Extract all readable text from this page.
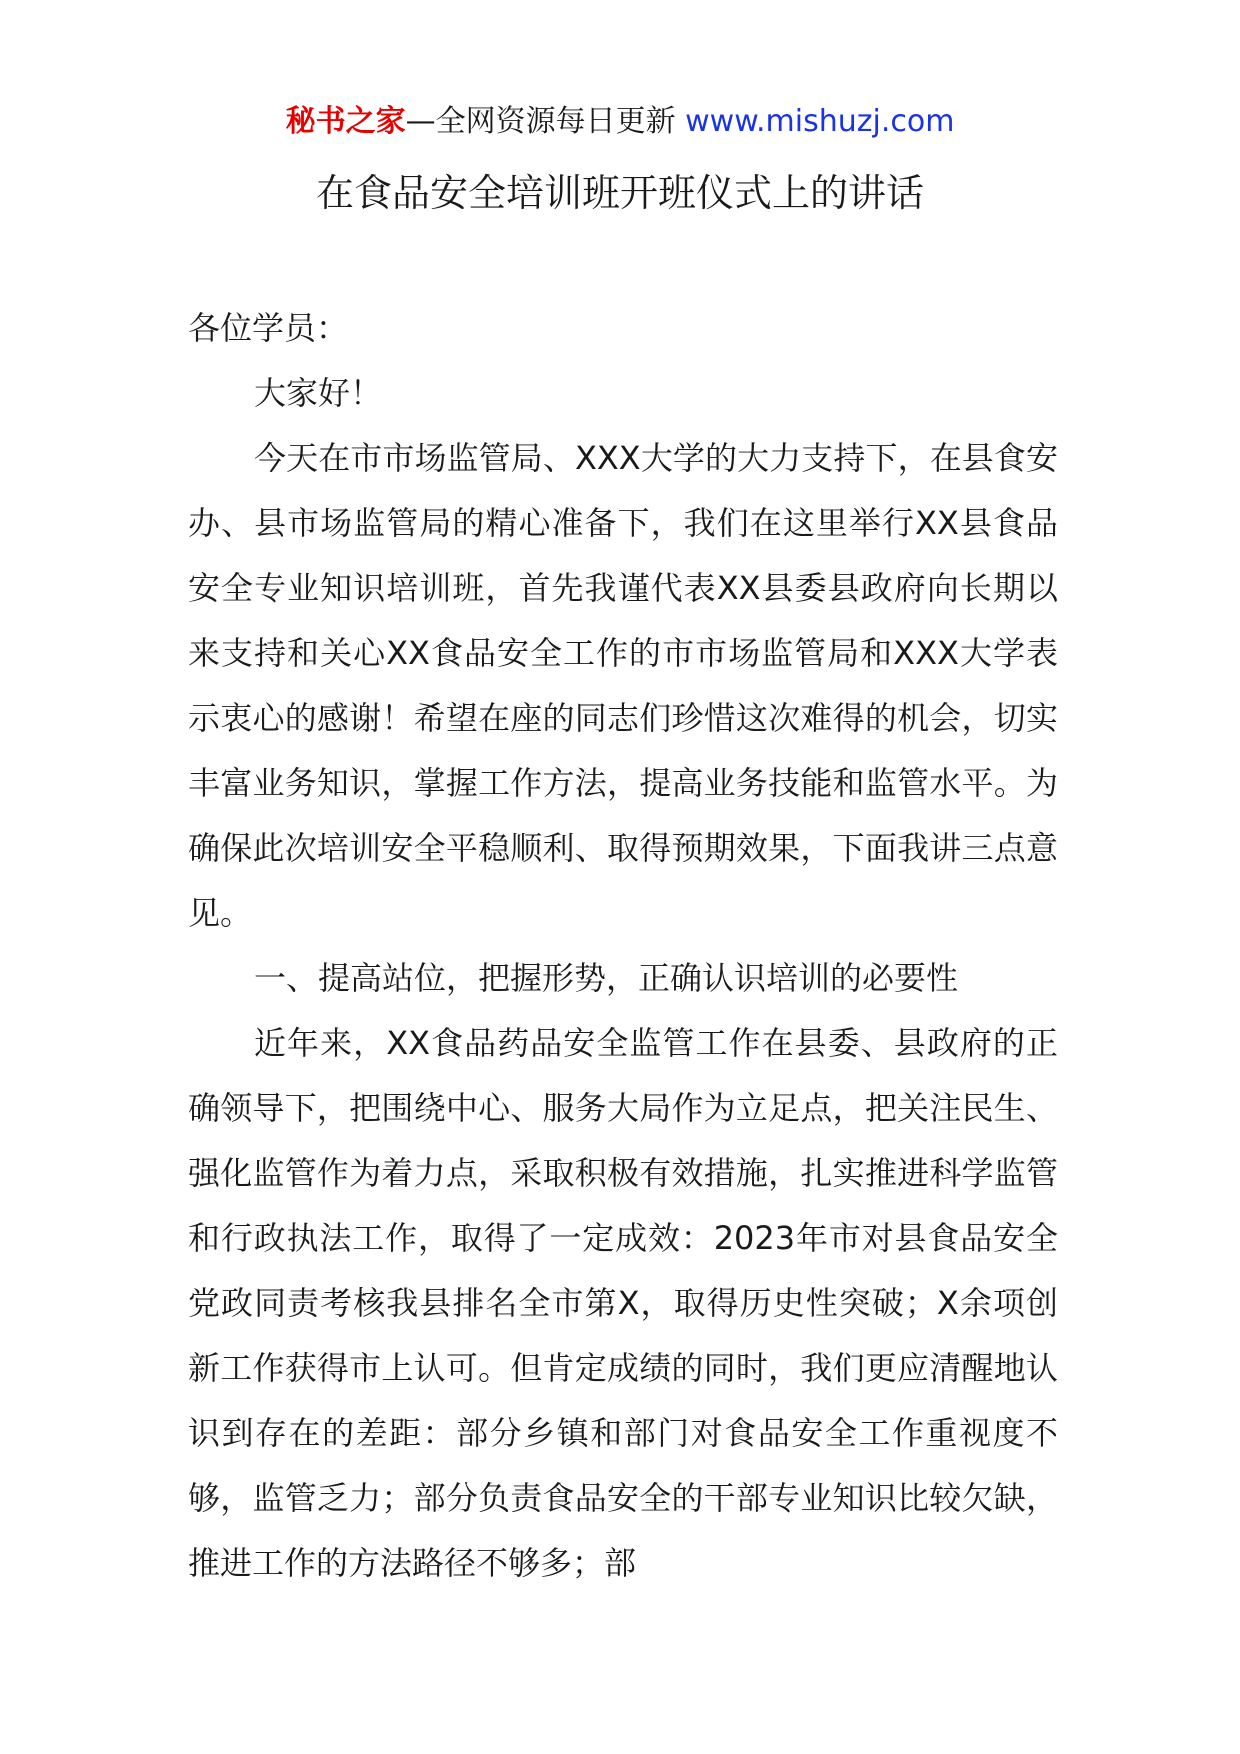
秘书之家—全网资源每日更新 www.mishuzj.com
在食品安全培训班开班仪式上的讲话

各位学员：

大家好！

今天在市市场监管局、XXX大学的大力支持下，在县食安办、县市场监管局的精心准备下，我们在这里举行XX县食品安全专业知识培训班，首先我谨代表XX县委县政府向长期以来支持和关心XX食品安全工作的市市场监管局和XXX大学表示衷心的感谢！希望在座的同志们珍惜这次难得的机会，切实丰富业务知识，掌握工作方法，提高业务技能和监管水平。为确保此次培训安全平稳顺利、取得预期效果，下面我讲三点意见。

一、提高站位，把握形势，正确认识培训的必要性

近年来，XX食品药品安全监管工作在县委、县政府的正确领导下，把围绕中心、服务大局作为立足点，把关注民生、强化监管作为着力点，采取积极有效措施，扎实推进科学监管和行政执法工作，取得了一定成效：2023年市对县食品安全党政同责考核我县排名全市第X，取得历史性突破；X余项创新工作获得市上认可。但肯定成绩的同时，我们更应清醒地认识到存在的差距：部分乡镇和部门对食品安全工作重视度不够，监管乏力；部分负责食品安全的干部专业知识比较欠缺，推进工作的方法路径不够多；部
